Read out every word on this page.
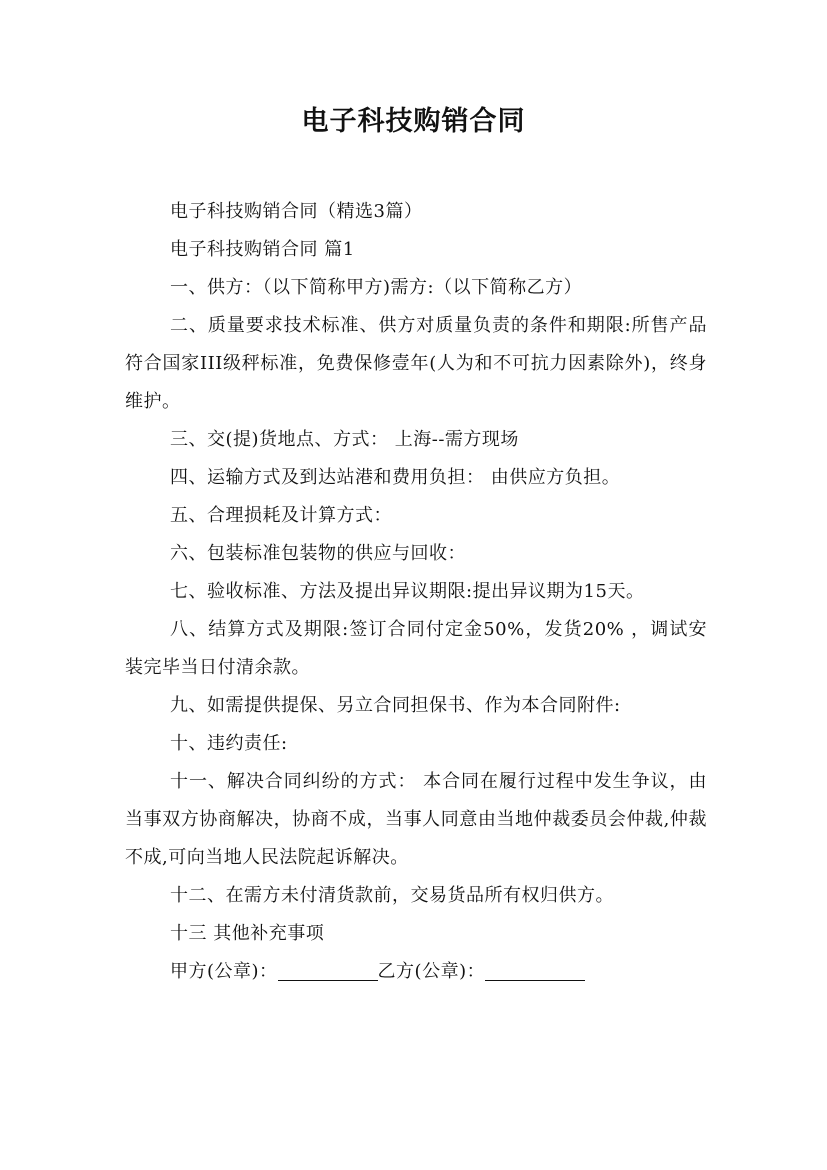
电子科技购销合同

电子科技购销合同（精选3篇）

电子科技购销合同 篇1

一、供方：（以下简称甲方)需方:（以下简称乙方）

二、质量要求技术标准、供方对质量负责的条件和期限:所售产品符合国家III级秤标准，免费保修壹年(人为和不可抗力因素除外)，终身维护。

三、交(提)货地点、方式： 上海--需方现场

四、运输方式及到达站港和费用负担： 由供应方负担。

五、合理损耗及计算方式：

六、包装标准包装物的供应与回收：

七、验收标准、方法及提出异议期限:提出异议期为15天。

八、结算方式及期限:签订合同付定金50%，发货20% ，调试安装完毕当日付清余款。

九、如需提供提保、另立合同担保书、作为本合同附件:

十、违约责任:

十一、解决合同纠纷的方式： 本合同在履行过程中发生争议，由当事双方协商解决，协商不成，当事人同意由当地仲裁委员会仲裁,仲裁不成,可向当地人民法院起诉解决。

十二、在需方未付清货款前，交易货品所有权归供方。

十三 其他补充事项

甲方(公章)：	乙方(公章)：
